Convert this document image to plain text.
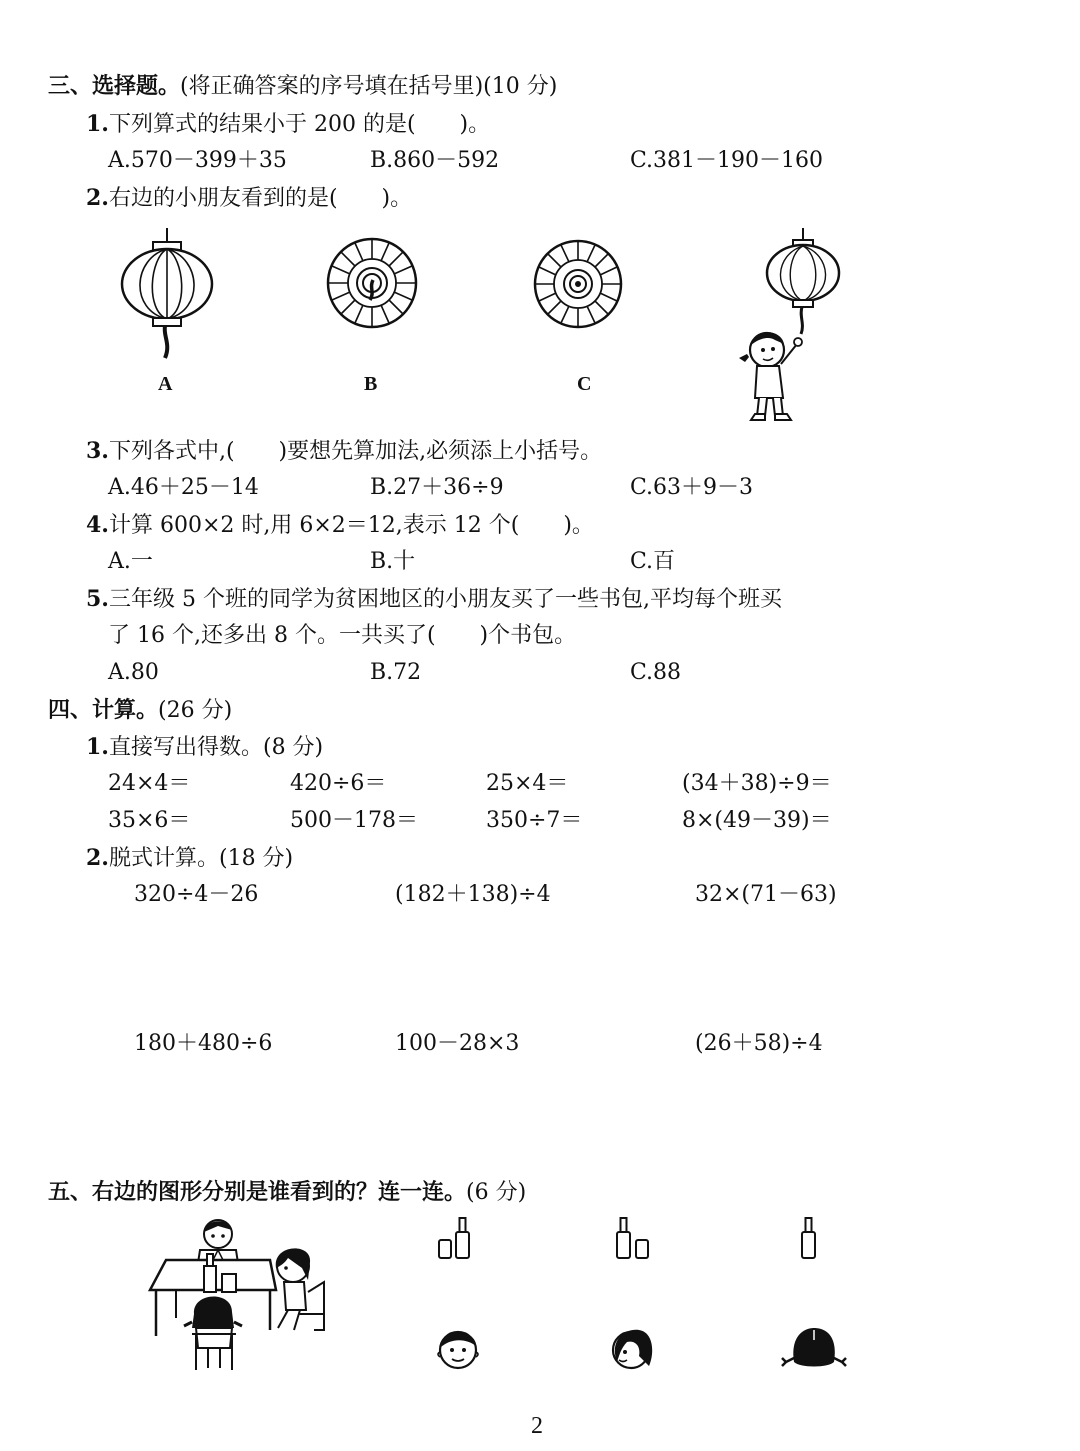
三、选择题。(将正确答案的序号填在括号里)(10 分)
1.下列算式的结果小于 200 的是(　　)。
A.570－399＋35	B.860－592	C.381－190－160
2.右边的小朋友看到的是(　　)。
A	B	C
3.下列各式中,(　　)要想先算加法,必须添上小括号。
A.46＋25－14	B.27＋36÷9	C.63＋9－3
4.计算 600×2 时,用 6×2＝12,表示 12 个(　　)。
A.一	B.十	C.百
5.三年级 5 个班的同学为贫困地区的小朋友买了一些书包,平均每个班买
了 16 个,还多出 8 个。一共买了(　　)个书包。
A.80	B.72	C.88
四、计算。(26 分)
1.直接写出得数。(8 分)
24×4＝	420÷6＝	25×4＝	(34＋38)÷9＝
35×6＝	500－178＝	350÷7＝	8×(49－39)＝
2.脱式计算。(18 分)
320÷4－26	(182＋138)÷4	32×(71－63)
180＋480÷6	100－28×3	(26＋58)÷4
五、右边的图形分别是谁看到的？连一连。(6 分)
2
